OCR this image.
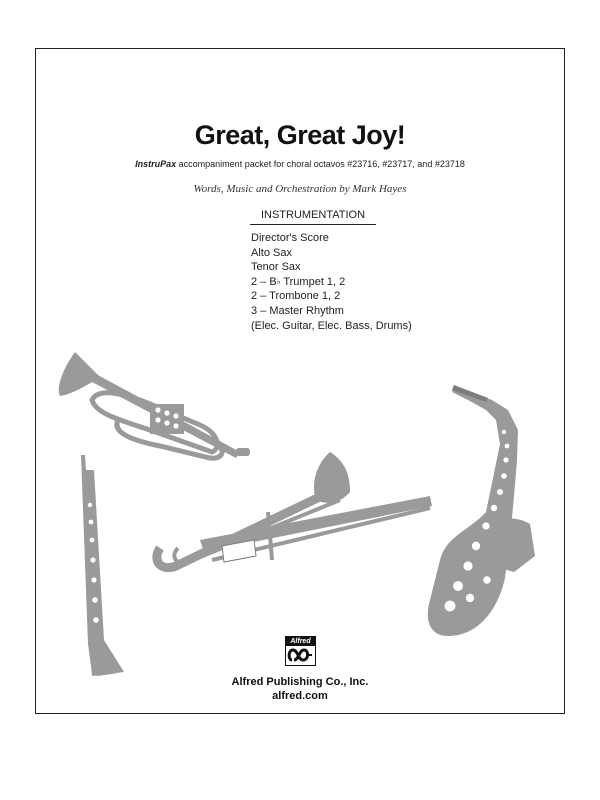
Great, Great Joy!
InstruPax accompaniment packet for choral octavos #23716, #23717, and #23718
Words, Music and Orchestration by Mark Hayes
INSTRUMENTATION
Director's Score
Alto Sax
Tenor Sax
2 – B♭ Trumpet 1, 2
2 – Trombone 1, 2
3 – Master Rhythm
(Elec. Guitar, Elec. Bass, Drums)
Alfred
Alfred Publishing Co., Inc.
alfred.com
